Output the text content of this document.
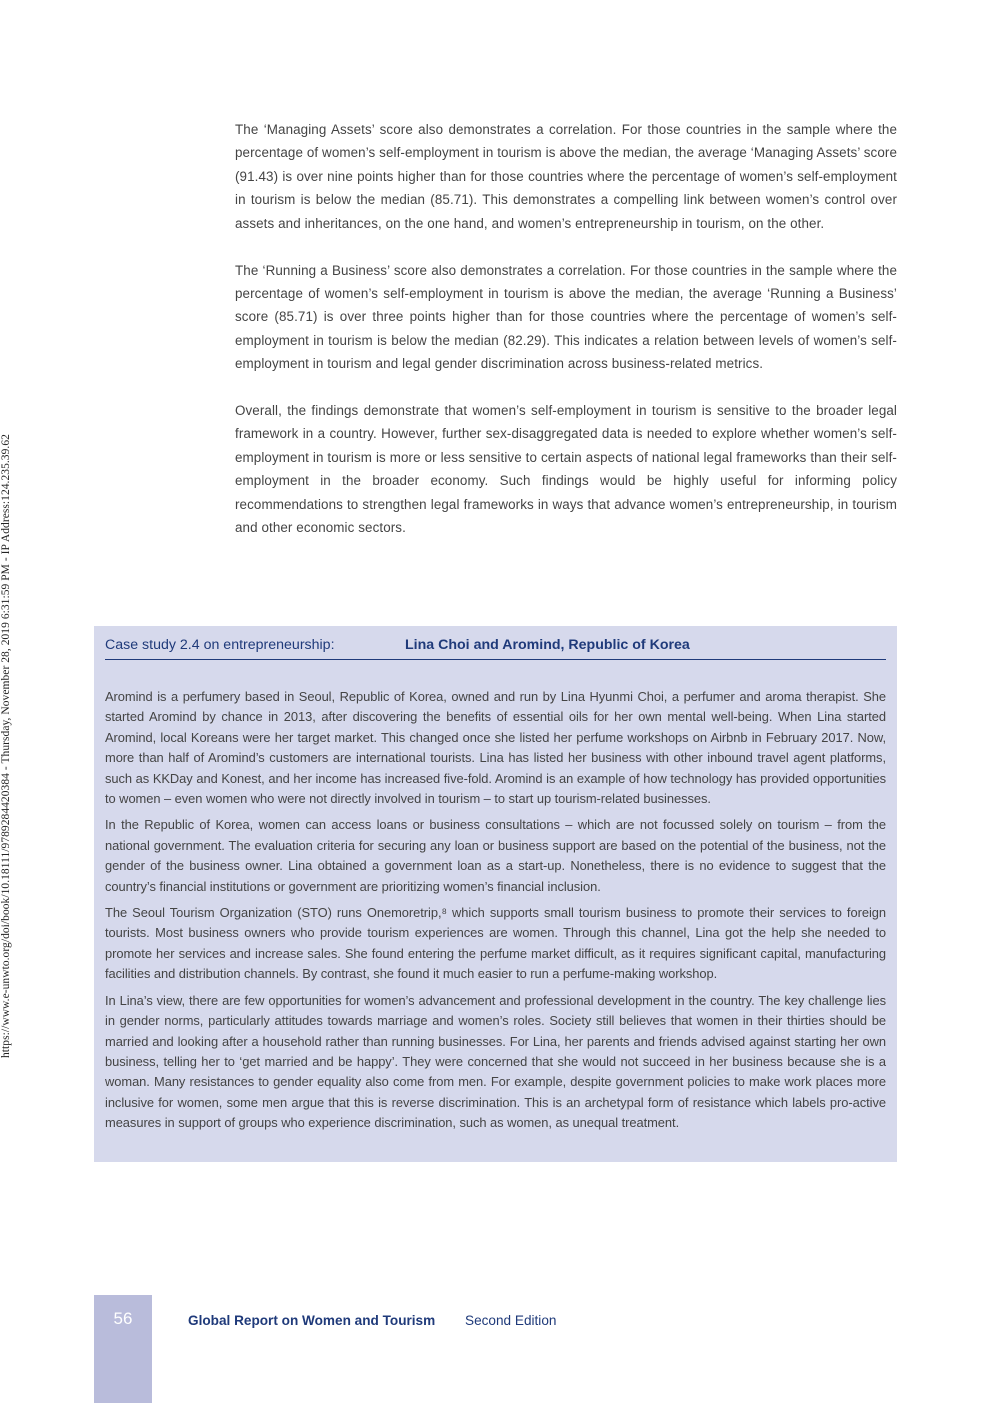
https://www.e-unwto.org/doi/book/10.18111/9789284420384 - Thursday, November 28, 2019 6:31:59 PM - IP Address:124.235.39.62

The ‘Managing Assets’ score also demonstrates a correlation. For those countries in the sample where the percentage of women’s self-employment in tourism is above the median, the average ‘Managing Assets’ score (91.43) is over nine points higher than for those countries where the percentage of women’s self-employment in tourism is below the median (85.71). This demonstrates a compelling link between women’s control over assets and inheritances, on the one hand, and women’s entrepreneurship in tourism, on the other.

The ‘Running a Business’ score also demonstrates a correlation. For those countries in the sample where the percentage of women’s self-employment in tourism is above the median, the average ‘Running a Business’ score (85.71) is over three points higher than for those countries where the percentage of women’s self-employment in tourism is below the median (82.29). This indicates a relation between levels of women’s self-employment in tourism and legal gender discrimination across business-related metrics.

Overall, the findings demonstrate that women’s self-employment in tourism is sensitive to the broader legal framework in a country. However, further sex-disaggregated data is needed to explore whether women’s self-employment in tourism is more or less sensitive to certain aspects of national legal frameworks than their self-employment in the broader economy. Such findings would be highly useful for informing policy recommendations to strengthen legal frameworks in ways that advance women’s entrepreneurship, in tourism and other economic sectors.

Case study 2.4 on entrepreneurship:	Lina Choi and Aromind, Republic of Korea

Aromind is a perfumery based in Seoul, Republic of Korea, owned and run by Lina Hyunmi Choi, a perfumer and aroma therapist. She started Aromind by chance in 2013, after discovering the benefits of essential oils for her own mental well-being. When Lina started Aromind, local Koreans were her target market. This changed once she listed her perfume workshops on Airbnb in February 2017. Now, more than half of Aromind’s customers are international tourists. Lina has listed her business with other inbound travel agent platforms, such as KKDay and Konest, and her income has increased five-fold. Aromind is an example of how technology has provided opportunities to women – even women who were not directly involved in tourism – to start up tourism-related businesses.

In the Republic of Korea, women can access loans or business consultations – which are not focussed solely on tourism – from the national government. The evaluation criteria for securing any loan or business support are based on the potential of the business, not the gender of the business owner. Lina obtained a government loan as a start-up. Nonetheless, there is no evidence to suggest that the country’s financial institutions or government are prioritizing women’s financial inclusion.

The Seoul Tourism Organization (STO) runs Onemoretrip,⁸ which supports small tourism business to promote their services to foreign tourists. Most business owners who provide tourism experiences are women. Through this channel, Lina got the help she needed to promote her services and increase sales. She found entering the perfume market difficult, as it requires significant capital, manufacturing facilities and distribution channels. By contrast, she found it much easier to run a perfume-making workshop.

In Lina’s view, there are few opportunities for women’s advancement and professional development in the country. The key challenge lies in gender norms, particularly attitudes towards marriage and women’s roles. Society still believes that women in their thirties should be married and looking after a household rather than running businesses. For Lina, her parents and friends advised against starting her own business, telling her to ‘get married and be happy’. They were concerned that she would not succeed in her business because she is a woman. Many resistances to gender equality also come from men. For example, despite government policies to make work places more inclusive for women, some men argue that this is reverse discrimination. This is an archetypal form of resistance which labels pro-active measures in support of groups who experience discrimination, such as women, as unequal treatment.

56	Global Report on Women and Tourism Second Edition
